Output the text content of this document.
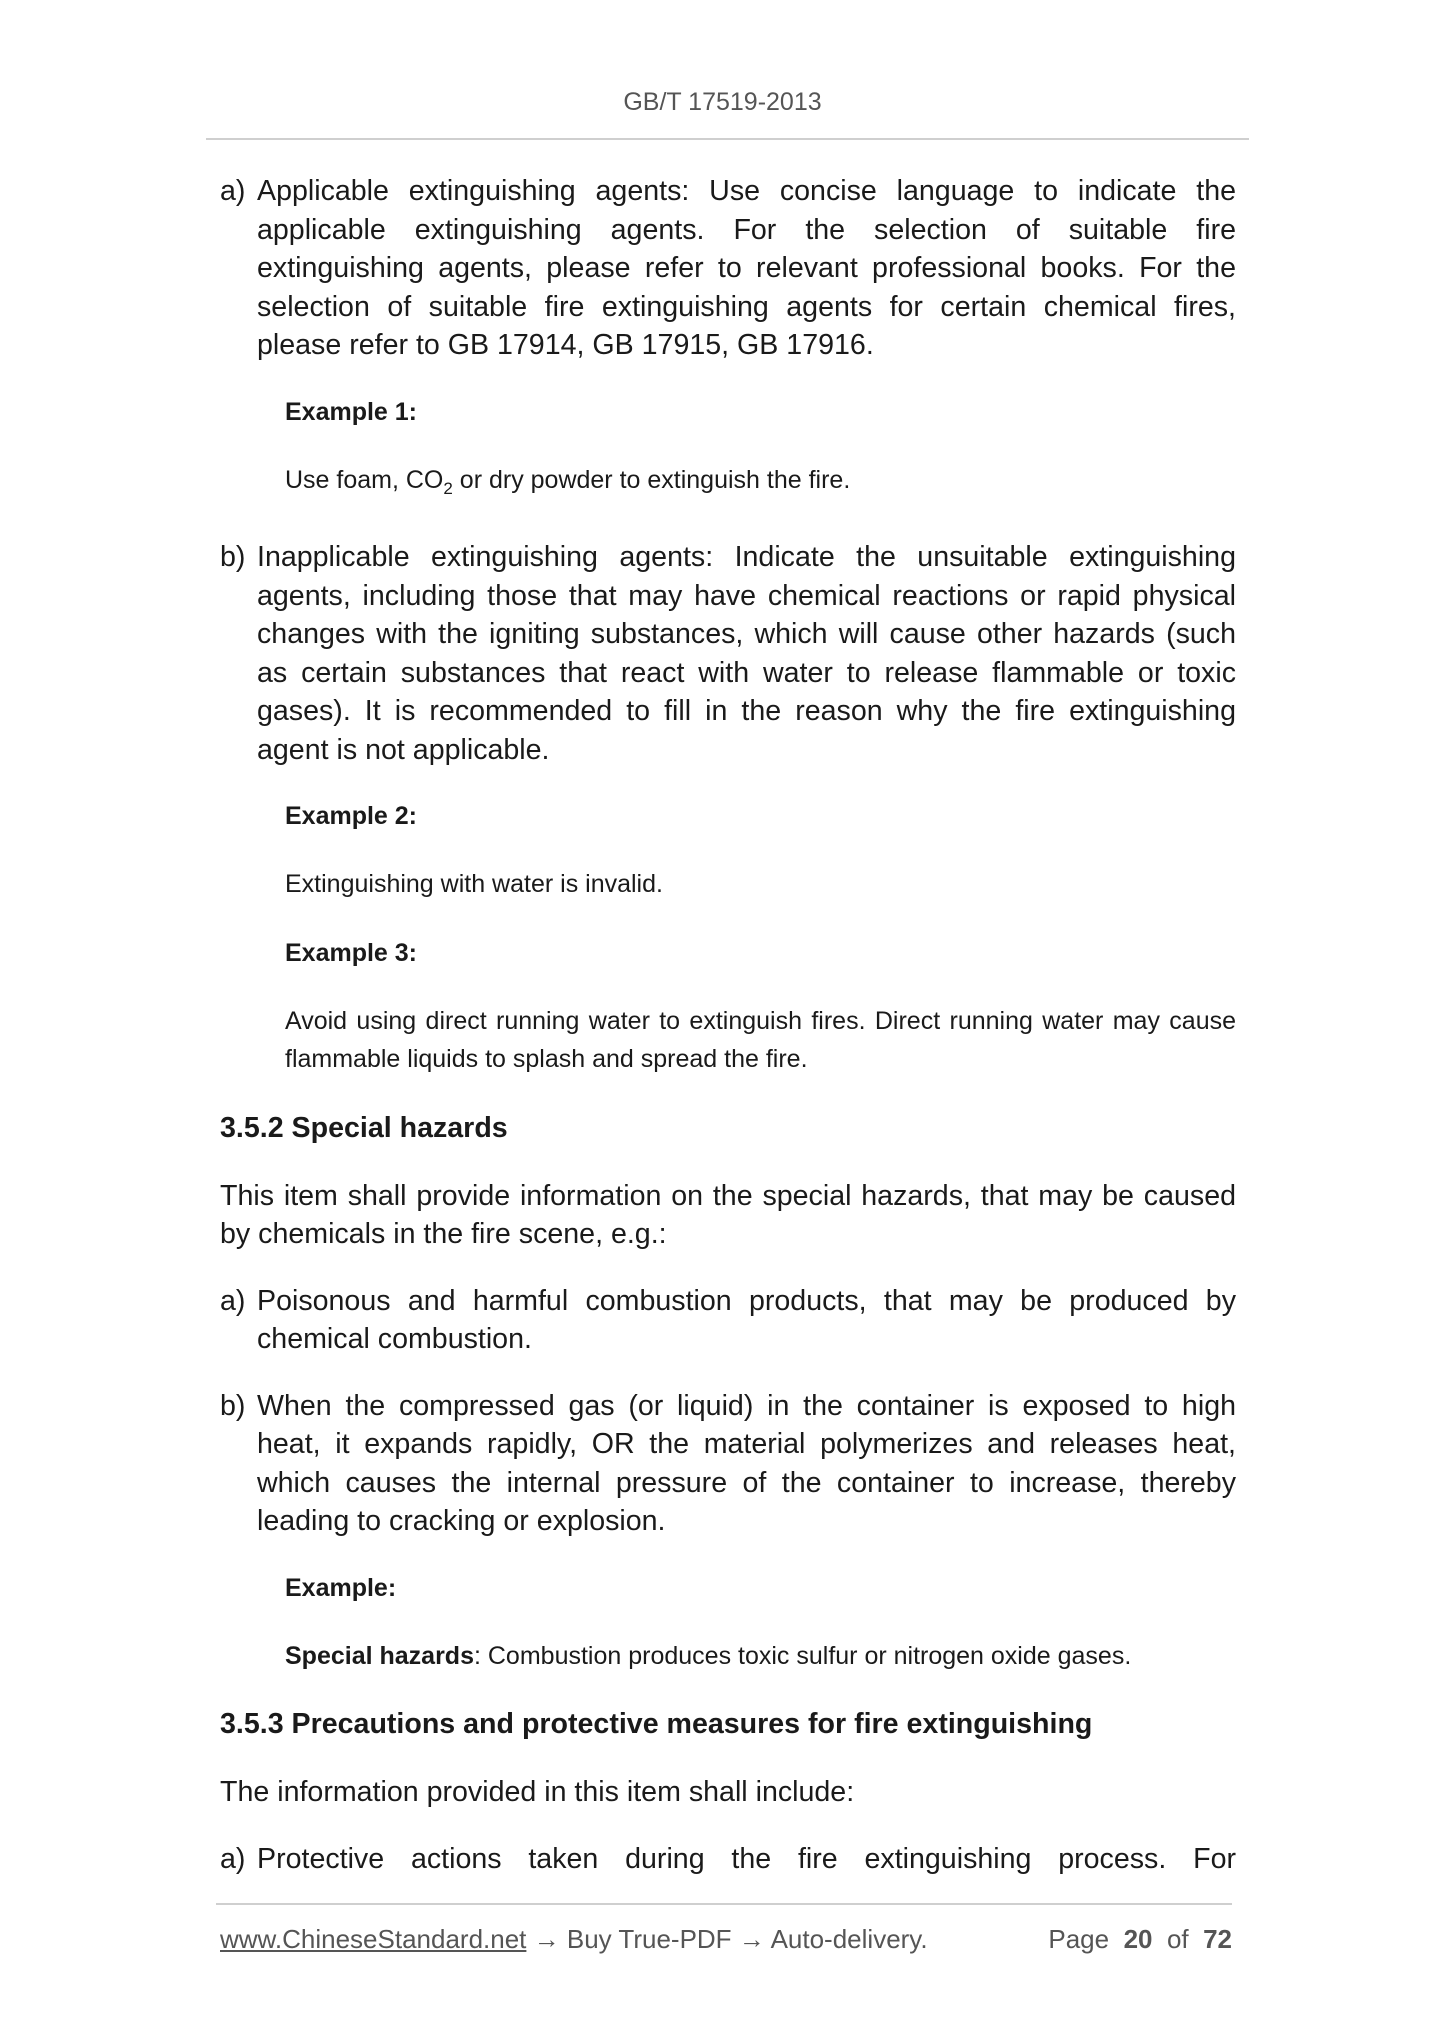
GB/T 17519-2013
a) Applicable extinguishing agents: Use concise language to indicate the applicable extinguishing agents. For the selection of suitable fire extinguishing agents, please refer to relevant professional books. For the selection of suitable fire extinguishing agents for certain chemical fires, please refer to GB 17914, GB 17915, GB 17916.
Example 1:
Use foam, $CO_2$ or dry powder to extinguish the fire.
b) Inapplicable extinguishing agents: Indicate the unsuitable extinguishing agents, including those that may have chemical reactions or rapid physical changes with the igniting substances, which will cause other hazards (such as certain substances that react with water to release flammable or toxic gases). It is recommended to fill in the reason why the fire extinguishing agent is not applicable.
Example 2:
Extinguishing with water is invalid.
Example 3:
Avoid using direct running water to extinguish fires. Direct running water may cause flammable liquids to splash and spread the fire.
3.5.2 Special hazards
This item shall provide information on the special hazards, that may be caused by chemicals in the fire scene, e.g.:
a) Poisonous and harmful combustion products, that may be produced by chemical combustion.
b) When the compressed gas (or liquid) in the container is exposed to high heat, it expands rapidly, OR the material polymerizes and releases heat, which causes the internal pressure of the container to increase, thereby leading to cracking or explosion.
Example:
Special hazards: Combustion produces toxic sulfur or nitrogen oxide gases.
3.5.3 Precautions and protective measures for fire extinguishing
The information provided in this item shall include:
a) Protective actions taken during the fire extinguishing process. For
www.ChineseStandard.net → Buy True-PDF → Auto-delivery.	Page 20 of 72
